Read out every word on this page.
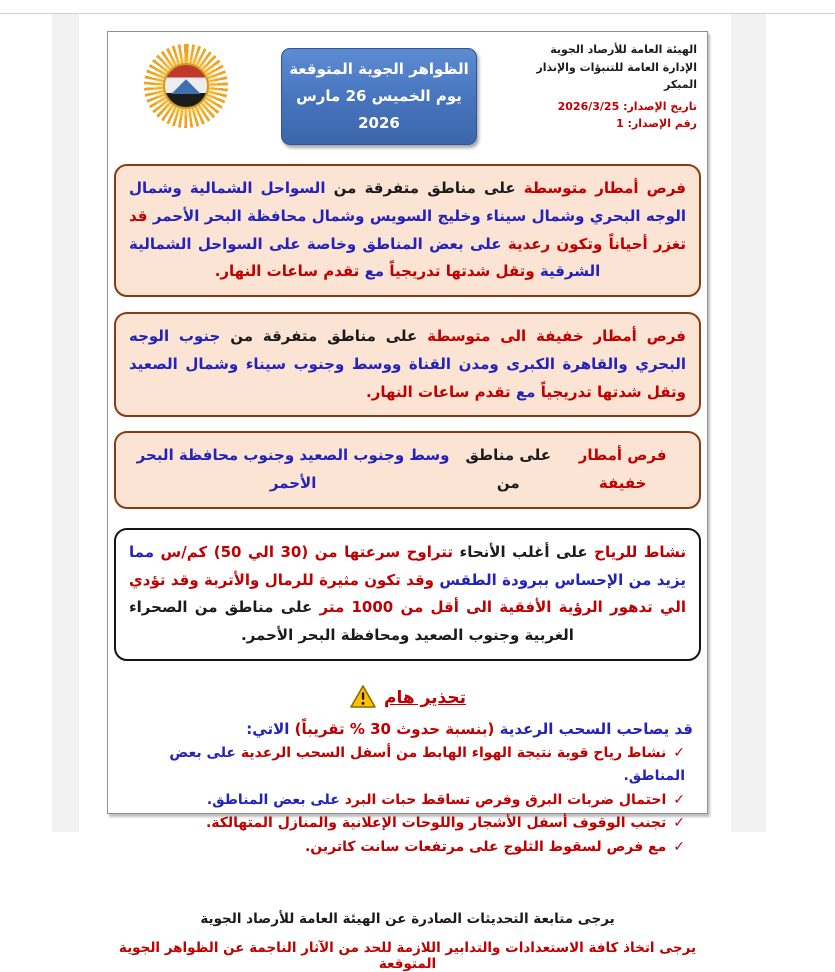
الهيئة العامة للأرصاد الجوية
الإدارة العامة للتنبؤات والإنذار المبكر
تاريخ الإصدار: 2026/3/25
رقم الإصدار: 1
الظواهر الجوية المتوقعة
يوم الخميس 26 مارس 2026
فرص أمطار متوسطة على مناطق متفرقة من السواحل الشمالية وشمال الوجه البحري وشمال سيناء وخليج السويس وشمال محافظة البحر الأحمر قد تغزر أحياناً وتكون رعدية على بعض المناطق وخاصة على السواحل الشمالية الشرقية وتقل شدتها تدريجياً مع تقدم ساعات النهار.
فرص أمطار خفيفة الى متوسطة على مناطق متفرقة من جنوب الوجه البحري والقاهرة الكبرى ومدن القناة ووسط وجنوب سيناء وشمال الصعيد وتقل شدتها تدريجياً مع تقدم ساعات النهار.
فرص أمطار خفيفة
على مناطق من
وسط وجنوب الصعيد وجنوب محافظة البحر الأحمر
نشاط للرياح على أغلب الأنحاء تتراوح سرعتها من (30 الي 50) كم/س مما يزيد من الإحساس ببرودة الطقس وقد تكون مثيرة للرمال والأتربة وقد تؤدي الي تدهور الرؤية الأفقية الى أقل من 1000 متر على مناطق من الصحراء الغربية وجنوب الصعيد ومحافظة البحر الأحمر.
تحذير هام
قد يصاحب السحب الرعدية (بنسبة حدوث 30 % تقريباً) الاتي:
✓نشاط رياح قوية نتيجة الهواء الهابط من أسفل السحب الرعدية على بعض المناطق.
✓احتمال ضربات البرق وفرص تساقط حبات البرد على بعض المناطق.
✓تجنب الوقوف أسفل الأشجار واللوحات الإعلانية والمنازل المتهالكة.
✓مع فرص لسقوط الثلوج على مرتفعات سانت كاترين.
يرجى متابعة التحديثات الصادرة عن الهيئة العامة للأرصاد الجوية
يرجى اتخاذ كافة الاستعدادات والتدابير اللازمة للحد من الآثار الناجمة عن الظواهر الجوية المتوقعة
